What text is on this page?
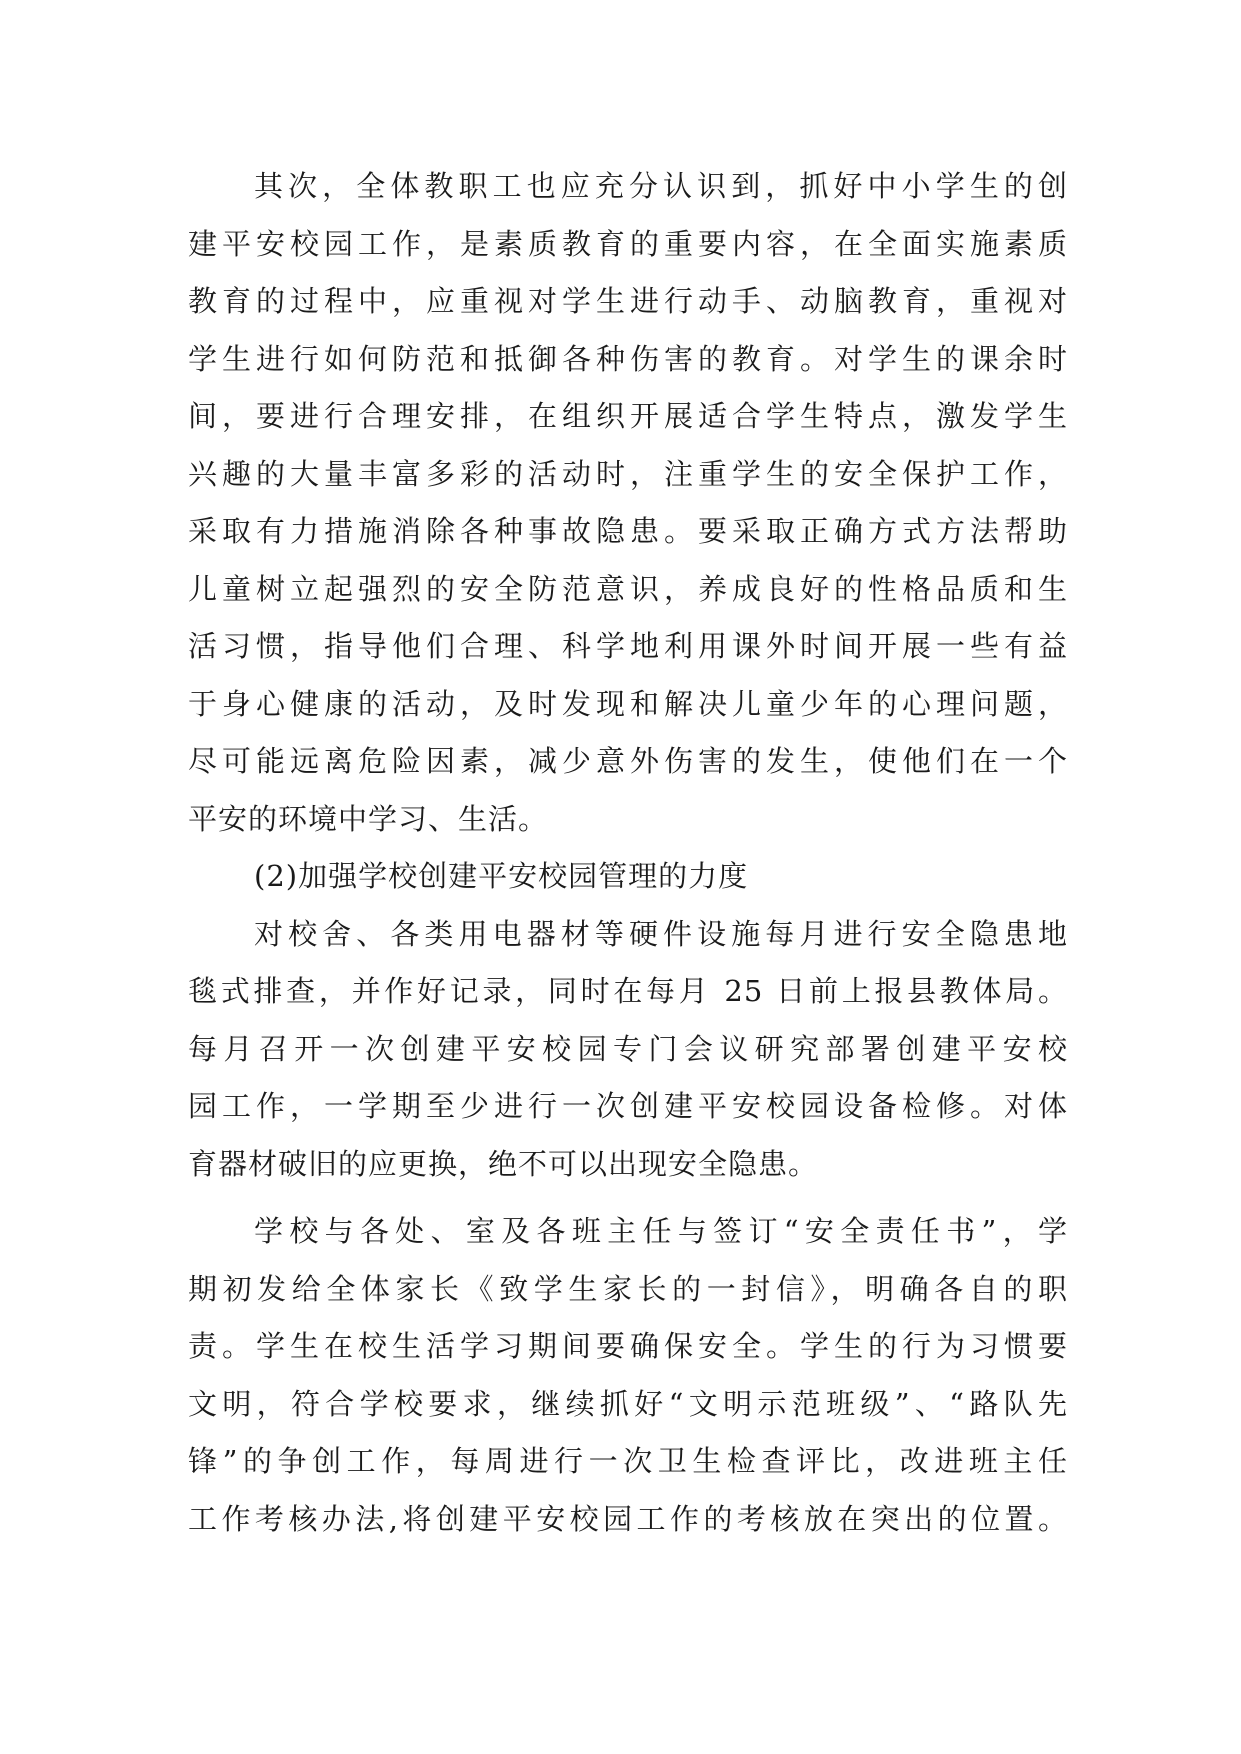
其次，全体教职工也应充分认识到，抓好中小学生的创
建平安校园工作，是素质教育的重要内容，在全面实施素质
教育的过程中，应重视对学生进行动手、动脑教育，重视对
学生进行如何防范和抵御各种伤害的教育。对学生的课余时
间，要进行合理安排，在组织开展适合学生特点，激发学生
兴趣的大量丰富多彩的活动时，注重学生的安全保护工作，
采取有力措施消除各种事故隐患。要采取正确方式方法帮助
儿童树立起强烈的安全防范意识，养成良好的性格品质和生
活习惯，指导他们合理、科学地利用课外时间开展一些有益
于身心健康的活动，及时发现和解决儿童少年的心理问题，
尽可能远离危险因素，减少意外伤害的发生，使他们在一个
平安的环境中学习、生活。
(2)加强学校创建平安校园管理的力度
对校舍、各类用电器材等硬件设施每月进行安全隐患地
毯式排查，并作好记录，同时在每月 25 日前上报县教体局。
每月召开一次创建平安校园专门会议研究部署创建平安校
园工作，一学期至少进行一次创建平安校园设备检修。对体
育器材破旧的应更换，绝不可以出现安全隐患。
学校与各处、室及各班主任与签订“安全责任书”，学
期初发给全体家长《致学生家长的一封信》，明确各自的职
责。学生在校生活学习期间要确保安全。学生的行为习惯要
文明，符合学校要求，继续抓好“文明示范班级”、“路队先
锋”的争创工作，每周进行一次卫生检查评比，改进班主任
工作考核办法,将创建平安校园工作的考核放在突出的位置。
